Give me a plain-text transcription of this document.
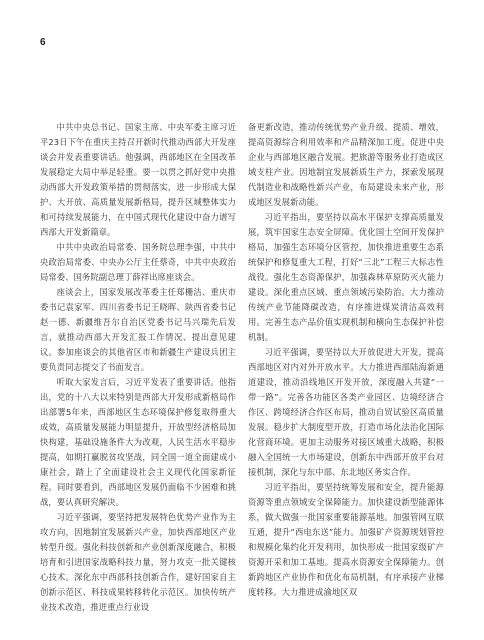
6

中共中央总书记、国家主席、中央军委主席习近平23日下午在重庆主持召开新时代推动西部大开发座谈会并发表重要讲话。他强调，西部地区在全国改革发展稳定大局中举足轻重。要一以贯之抓好党中央推动西部大开发政策举措的贯彻落实，进一步形成大保护、大开放、高质量发展新格局，提升区域整体实力和可持续发展能力，在中国式现代化建设中奋力谱写西部大开发新篇章。

中共中央政治局常委、国务院总理李强，中共中央政治局常委、中央办公厅主任蔡奇，中共中央政治局常委、国务院副总理丁薛祥出席座谈会。

座谈会上，国家发展改革委主任郑栅洁、重庆市委书记袁家军、四川省委书记王晓晖、陕西省委书记赵一德、新疆维吾尔自治区党委书记马兴瑞先后发言，就推动西部大开发汇报工作情况、提出意见建议。参加座谈会的其他省区市和新疆生产建设兵团主要负责同志提交了书面发言。

听取大家发言后，习近平发表了重要讲话。他指出，党的十八大以来特别是西部大开发形成新格局作出部署5年来，西部地区生态环境保护修复取得重大成效，高质量发展能力明显提升，开放型经济格局加快构建，基础设施条件大为改观，人民生活水平稳步提高，如期打赢脱贫攻坚战，同全国一道全面建成小康社会，踏上了全面建设社会主义现代化国家新征程。同时要看到，西部地区发展仍面临不少困难和挑战，要认真研究解决。

习近平强调，要坚持把发展特色优势产业作为主攻方向，因地制宜发展新兴产业，加快西部地区产业转型升级。强化科技创新和产业创新深度融合，积极培育和引进国家战略科技力量，努力攻克一批关键核心技术。深化东中西部科技创新合作，建好国家自主创新示范区、科技成果转移转化示范区。加快传统产业技术改造，推进重点行业设

备更新改造，推动传统优势产业升级、提质、增效，提高资源综合利用效率和产品精深加工度。促进中央企业与西部地区融合发展。把旅游等服务业打造成区域支柱产业。因地制宜发展新质生产力，探索发展现代制造业和战略性新兴产业，布局建设未来产业，形成地区发展新动能。

习近平指出，要坚持以高水平保护支撑高质量发展，筑牢国家生态安全屏障。优化国土空间开发保护格局，加强生态环境分区管控，加快推进重要生态系统保护和修复重大工程，打好“三北”工程三大标志性战役。强化生态资源保护，加强森林草原防灭火能力建设。深化重点区域、重点领域污染防治。大力推动传统产业节能降碳改造，有序推进煤炭清洁高效利用。完善生态产品价值实现机制和横向生态保护补偿机制。

习近平强调，要坚持以大开放促进大开发，提高西部地区对内对外开放水平。大力推进西部陆海新通道建设，推动沿线地区开发开放，深度融入共建“一带一路”。完善各功能区各类产业园区、边境经济合作区、跨境经济合作区布局，推动自贸试验区高质量发展。稳步扩大制度型开放，打造市场化法治化国际化营商环境。更加主动服务对接区域重大战略，积极融入全国统一大市场建设，创新东中西部开放平台对接机制，深化与东中部、东北地区务实合作。

习近平指出，要坚持统筹发展和安全，提升能源资源等重点领域安全保障能力。加快建设新型能源体系，做大做强一批国家重要能源基地。加强管网互联互通，提升“西电东送”能力。加强矿产资源规划管控和规模化集约化开发利用，加快形成一批国家级矿产资源开采和加工基地。提高水资源安全保障能力。创新跨地区产业协作和优化布局机制，有序承接产业梯度转移。大力推进成渝地区双
